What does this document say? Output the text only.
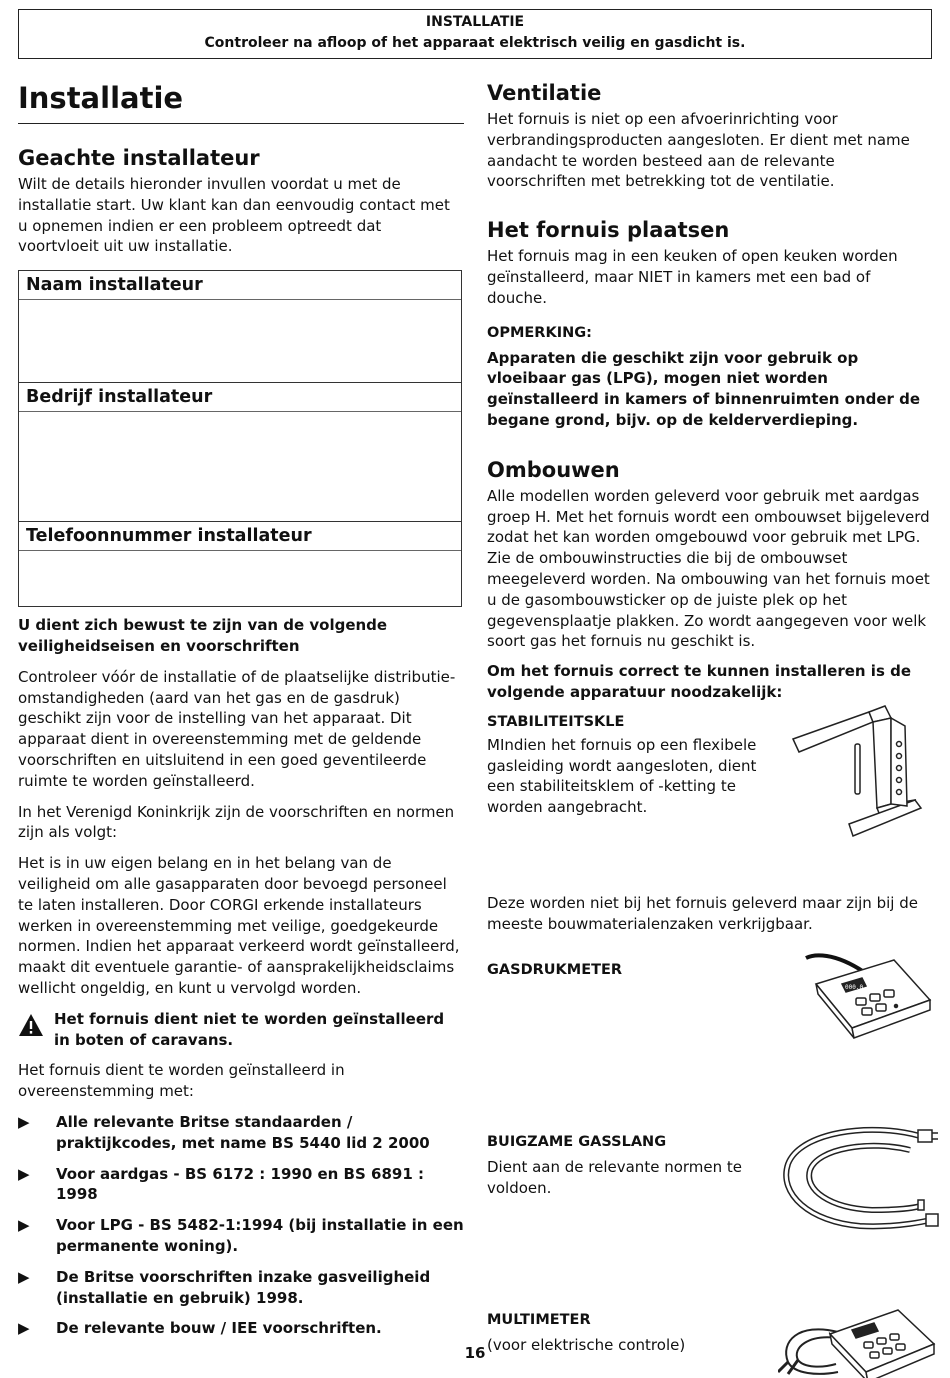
INSTALLATIE
Controleer na afloop of het apparaat elektrisch veilig en gasdicht is.
Installatie
Geachte installateur

Wilt de details hieronder invullen voordat u met de installatie start. Uw klant kan dan eenvoudig contact met u opnemen indien er een probleem optreedt dat voortvloeit uit uw installatie.

Naam installateur
Bedrijf installateur
Telefoonnummer installateur

U dient zich bewust te zijn van de volgende veiligheidseisen en voorschriften

Controleer vóór de installatie of de plaatselijke distributie-omstandigheden (aard van het gas en de gasdruk) geschikt zijn voor de instelling van het apparaat. Dit apparaat dient in overeenstemming met de geldende voorschriften en uitsluitend in een goed geventileerde ruimte te worden geïnstalleerd.

In het Verenigd Koninkrijk zijn de voorschriften en normen zijn als volgt:

Het is in uw eigen belang en in het belang van de veiligheid om alle gasapparaten door bevoegd personeel te laten installeren. Door CORGI erkende installateurs werken in overeenstemming met veilige, goedgekeurde normen. Indien het apparaat verkeerd wordt geïnstalleerd, maakt dit eventuele garantie- of aansprakelijkheidsclaims wellicht ongeldig, en kunt u vervolgd worden.

Het fornuis dient niet te worden geïnstalleerd in boten of caravans.

Het fornuis dient te worden geïnstalleerd in overeenstemming met:

▶	Alle relevante Britse standaarden / praktijkcodes, met name BS 5440 lid 2 2000
▶	Voor aardgas - BS 6172 : 1990 en BS 6891 : 1998
▶	Voor LPG - BS 5482-1:1994 (bij installatie in een permanente woning).
▶	De Britse voorschriften inzake gasveiligheid (installatie en gebruik) 1998.
▶	De relevante bouw / IEE voorschriften.
Ventilatie

Het fornuis is niet op een afvoerinrichting voor verbrandingsproducten aangesloten. Er dient met name aandacht te worden besteed aan de relevante voorschriften met betrekking tot de ventilatie.

Het fornuis plaatsen

Het fornuis mag in een keuken of open keuken worden geïnstalleerd, maar NIET in kamers met een bad of douche.

OPMERKING:

Apparaten die geschikt zijn voor gebruik op vloeibaar gas (LPG), mogen niet worden geïnstalleerd in kamers of binnenruimten onder de begane grond, bijv. op de kelderverdieping.

Ombouwen

Alle modellen worden geleverd voor gebruik met aardgas groep H. Met het fornuis wordt een ombouwset bijgeleverd zodat het kan worden omgebouwd voor gebruik met LPG. Zie de ombouwinstructies die bij de ombouwset meegeleverd worden. Na ombouwing van het fornuis moet u de gasombouwsticker op de juiste plek op het gegevensplaatje plakken. Zo wordt aangegeven voor welk soort gas het fornuis nu geschikt is.

Om het fornuis correct te kunnen installeren is de volgende apparatuur noodzakelijk:

STABILITEITSKLE

MIndien het fornuis op een flexibele gasleiding wordt aangesloten, dient een stabiliteitsklem of -ketting te worden aangebracht.

Deze worden niet bij het fornuis geleverd maar zijn bij de meeste bouwmaterialenzaken verkrijgbaar.

GASDRUKMETER

000.0

BUIGZAME GASSLANG

Dient aan de relevante normen te voldoen.

MULTIMETER

(voor elektrische controle)

16
